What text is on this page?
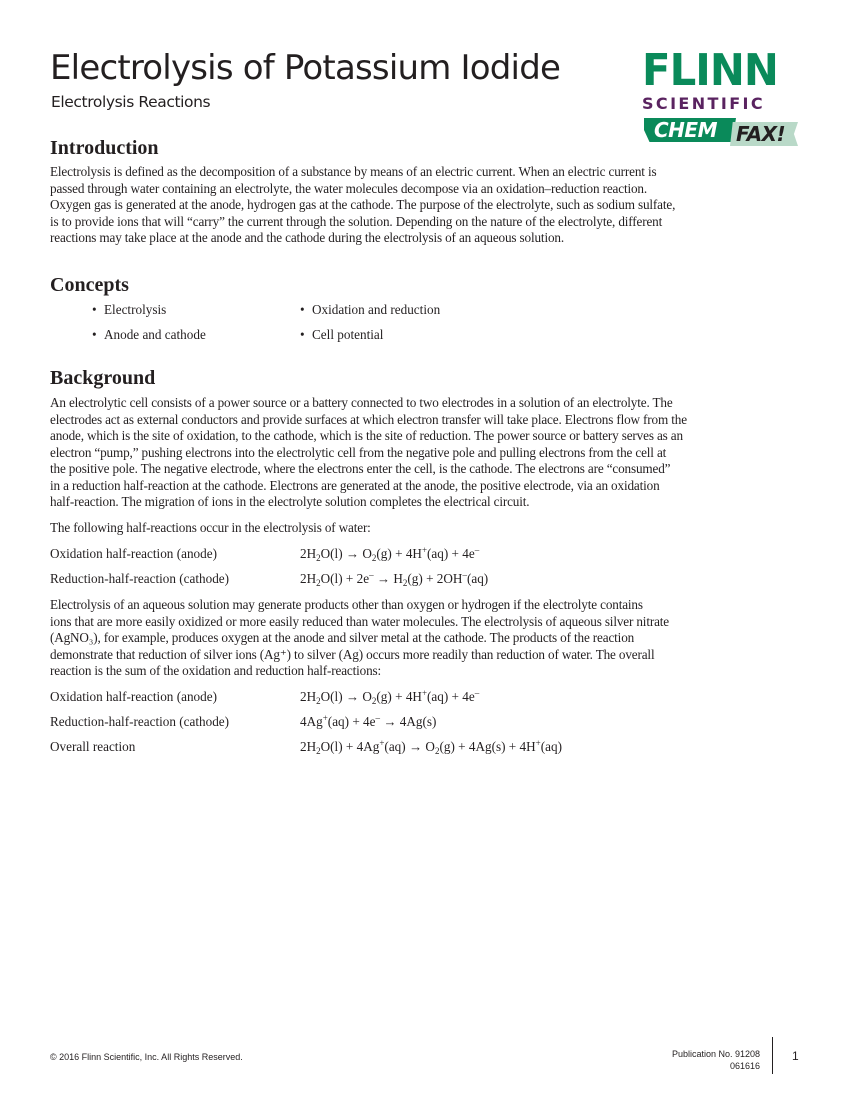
Electrolysis of Potassium Iodide
Electrolysis Reactions
FLINN
SCIENTIFIC
CHEM FAX!
Introduction
Electrolysis is defined as the decomposition of a substance by means of an electric current. When an electric current is
passed through water containing an electrolyte, the water molecules decompose via an oxidation–reduction reaction.
Oxygen gas is generated at the anode, hydrogen gas at the cathode. The purpose of the electrolyte, such as sodium sulfate,
is to provide ions that will “carry” the current through the solution. Depending on the nature of the electrolyte, different
reactions may take place at the anode and the cathode during the electrolysis of an aqueous solution.
Concepts
• Electrolysis	• Oxidation and reduction
• Anode and cathode	• Cell potential
Background
An electrolytic cell consists of a power source or a battery connected to two electrodes in a solution of an electrolyte. The
electrodes act as external conductors and provide surfaces at which electron transfer will take place. Electrons flow from the
anode, which is the site of oxidation, to the cathode, which is the site of reduction. The power source or battery serves as an
electron “pump,” pushing electrons into the electrolytic cell from the negative pole and pulling electrons from the cell at
the positive pole. The negative electrode, where the electrons enter the cell, is the cathode. The electrons are “consumed”
in a reduction half-reaction at the cathode. Electrons are generated at the anode, the positive electrode, via an oxidation
half-reaction. The migration of ions in the electrolyte solution completes the electrical circuit.
The following half-reactions occur in the electrolysis of water:
Oxidation half-reaction (anode)	$2H_2O(l) \to O_2(g) + 4H^+(aq) + 4e^-$
Reduction-half-reaction (cathode)	$2H_2O(l) + 2e^- \to H_2(g) + 2OH^-(aq)$
Electrolysis of an aqueous solution may generate products other than oxygen or hydrogen if the electrolyte contains
ions that are more easily oxidized or more easily reduced than water molecules. The electrolysis of aqueous silver nitrate
(AgNO₃), for example, produces oxygen at the anode and silver metal at the cathode. The products of the reaction
demonstrate that reduction of silver ions (Ag⁺) to silver (Ag) occurs more readily than reduction of water. The overall
reaction is the sum of the oxidation and reduction half-reactions:
Oxidation half-reaction (anode)	$2H_2O(l) \to O_2(g) + 4H^+(aq) + 4e^-$
Reduction-half-reaction (cathode)	4Ag+(aq) + 4e– → 4Ag(s)
Overall reaction	$2H_2O(l) + 4Ag^+(aq) \to O_2(g) + 4Ag(s) + 4H^+(aq)$
© 2016 Flinn Scientific, Inc. All Rights Reserved.	Publication No. 91208
061616
1
